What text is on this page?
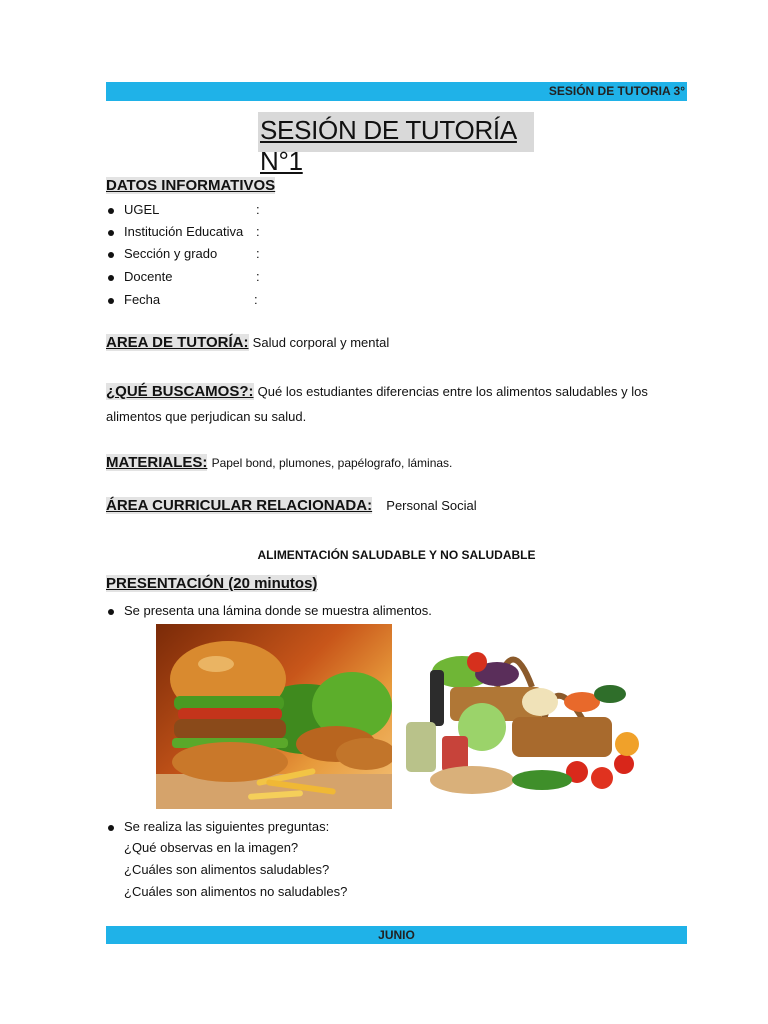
SESIÓN DE TUTORIA 3°
SESIÓN DE TUTORÍA N°1
DATOS INFORMATIVOS
UGEL	:
Institución Educativa :
Sección y grado	:
Docente	:
Fecha	:
AREA DE TUTORÍA: Salud corporal y mental
¿QUÉ BUSCAMOS?: Qué los estudiantes diferencias entre los alimentos saludables y los
alimentos que perjudican su salud.
MATERIALES: Papel bond, plumones, papélografo, láminas.
ÁREA CURRICULAR RELACIONADA: Personal Social
ALIMENTACIÓN SALUDABLE Y NO SALUDABLE
PRESENTACIÓN (20 minutos)
Se presenta una lámina donde se muestra alimentos.
Se realiza las siguientes preguntas:
¿Qué observas en la imagen?
¿Cuáles son alimentos saludables?
¿Cuáles son alimentos no saludables?
JUNIO
